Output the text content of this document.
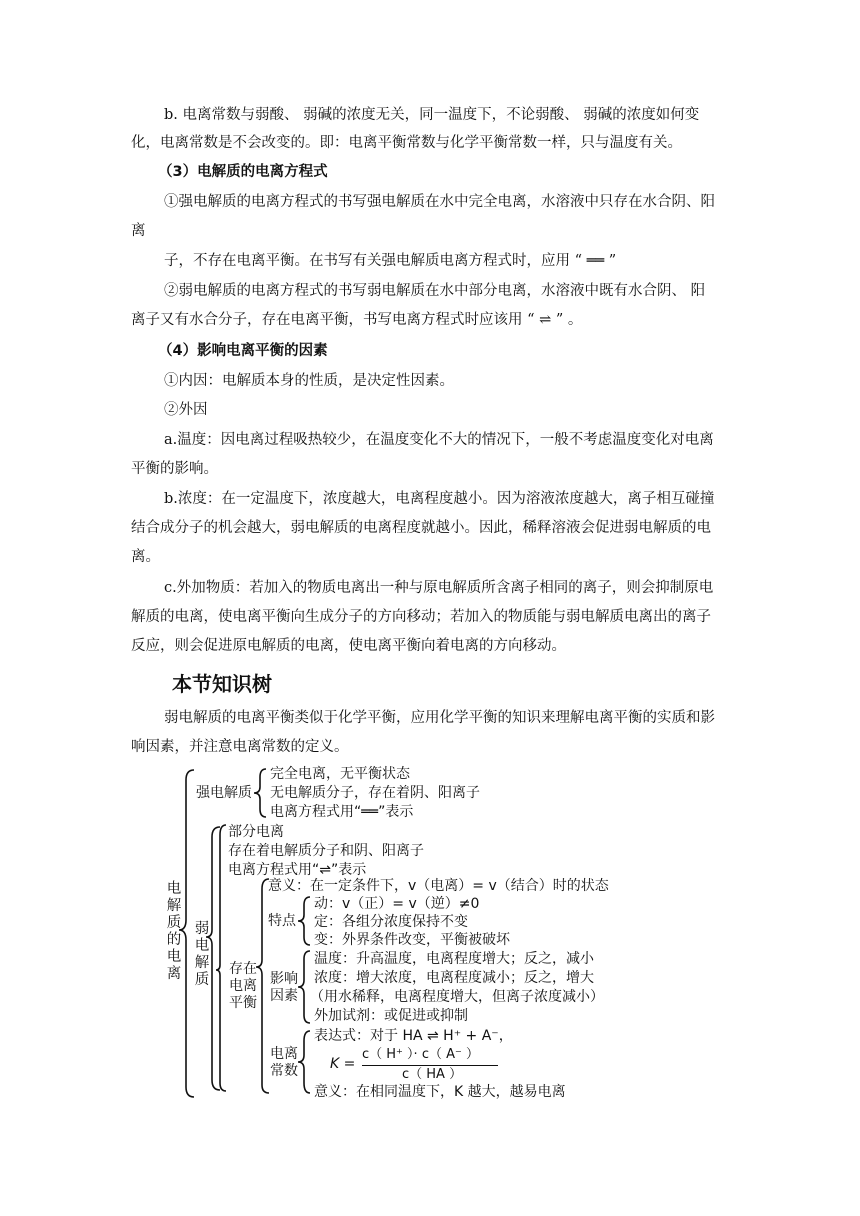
b. 电离常数与弱酸、 弱碱的浓度无关，同一温度下，不论弱酸、 弱碱的浓度如何变
化，电离常数是不会改变的。即：电离平衡常数与化学平衡常数一样，只与温度有关。
（3）电解质的电离方程式
①强电解质的电离方程式的书写强电解质在水中完全电离，水溶液中只存在水合阴、阳
离
子，不存在电离平衡。在书写有关强电解质电离方程式时，应用 “ ══ ”
②弱电解质的电离方程式的书写弱电解质在水中部分电离，水溶液中既有水合阴、 阳
离子又有水合分子，存在电离平衡，书写电离方程式时应该用 “ ⇌ ” 。
（4）影响电离平衡的因素
①内因：电解质本身的性质，是决定性因素。
②外因
a.温度：因电离过程吸热较少，在温度变化不大的情况下，一般不考虑温度变化对电离
平衡的影响。
b.浓度：在一定温度下，浓度越大，电离程度越小。因为溶液浓度越大，离子相互碰撞
结合成分子的机会越大，弱电解质的电离程度就越小。因此，稀释溶液会促进弱电解质的电
离。
c.外加物质：若加入的物质电离出一种与原电解质所含离子相同的离子，则会抑制原电
解质的电离，使电离平衡向生成分子的方向移动；若加入的物质能与弱电解质电离出的离子
反应，则会促进原电解质的电离，使电离平衡向着电离的方向移动。
本节知识树
弱电解质的电离平衡类似于化学平衡，应用化学平衡的知识来理解电离平衡的实质和影
响因素，并注意电离常数的定义。
电解质的电离
强电解质
完全电离，无平衡状态
无电解质分子，存在着阴、阳离子
电离方程式用“══”表示
弱电解质
部分电离
存在着电解质分子和阴、阳离子
电离方程式用“⇌”表示
存在电离平衡
意义：在一定条件下，v（电离）= v（结合）时的状态
特点
动：v（正）= v（逆）≠0
定：各组分浓度保持不变
变：外界条件改变，平衡被破坏
影响因素
温度：升高温度，电离程度增大；反之，减小
浓度：增大浓度，电离程度减小；反之，增大
（用水稀释，电离程度增大，但离子浓度减小）
外加试剂：或促进或抑制
电离常数
表达式：对于 HA ⇌ H⁺ + A⁻，
K =
c（ H⁺ ）· c（ A⁻ ）
c（ HA ）
意义：在相同温度下，K 越大，越易电离
